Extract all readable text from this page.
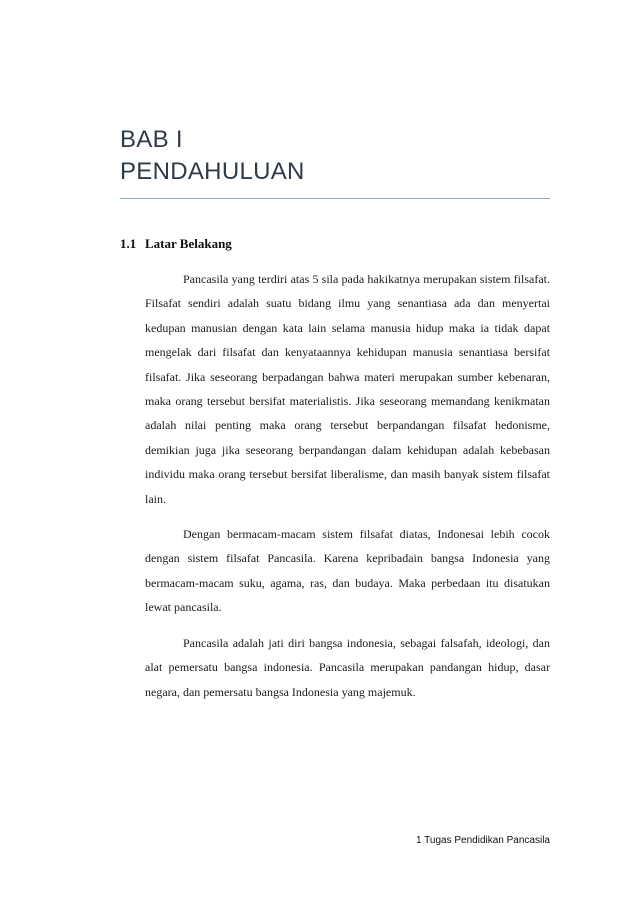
BAB I
PENDAHULUAN
1.1 Latar Belakang

Pancasila yang terdiri atas 5 sila pada hakikatnya merupakan sistem filsafat. Filsafat sendiri adalah suatu bidang ilmu yang senantiasa ada dan menyertai kedupan manusian dengan kata lain selama manusia hidup maka ia tidak dapat mengelak dari filsafat dan kenyataannya kehidupan manusia senantiasa bersifat filsafat. Jika seseorang berpadangan bahwa materi merupakan sumber kebenaran, maka orang tersebut bersifat materialistis. Jika seseorang memandang kenikmatan adalah nilai penting maka orang tersebut berpandangan filsafat hedonisme, demikian juga jika seseorang berpandangan dalam kehidupan adalah kebebasan individu maka orang tersebut bersifat liberalisme, dan masih banyak sistem filsafat lain.

Dengan bermacam-macam sistem filsafat diatas, Indonesai lebih cocok dengan sistem filsafat Pancasila. Karena kepribadain bangsa Indonesia yang bermacam-macam suku, agama, ras, dan budaya. Maka perbedaan itu disatukan lewat pancasila.

Pancasila adalah jati diri bangsa indonesia, sebagai falsafah, ideologi, dan alat pemersatu bangsa indonesia. Pancasila merupakan pandangan hidup, dasar negara, dan pemersatu bangsa Indonesia yang majemuk.

1 Tugas Pendidikan Pancasila
